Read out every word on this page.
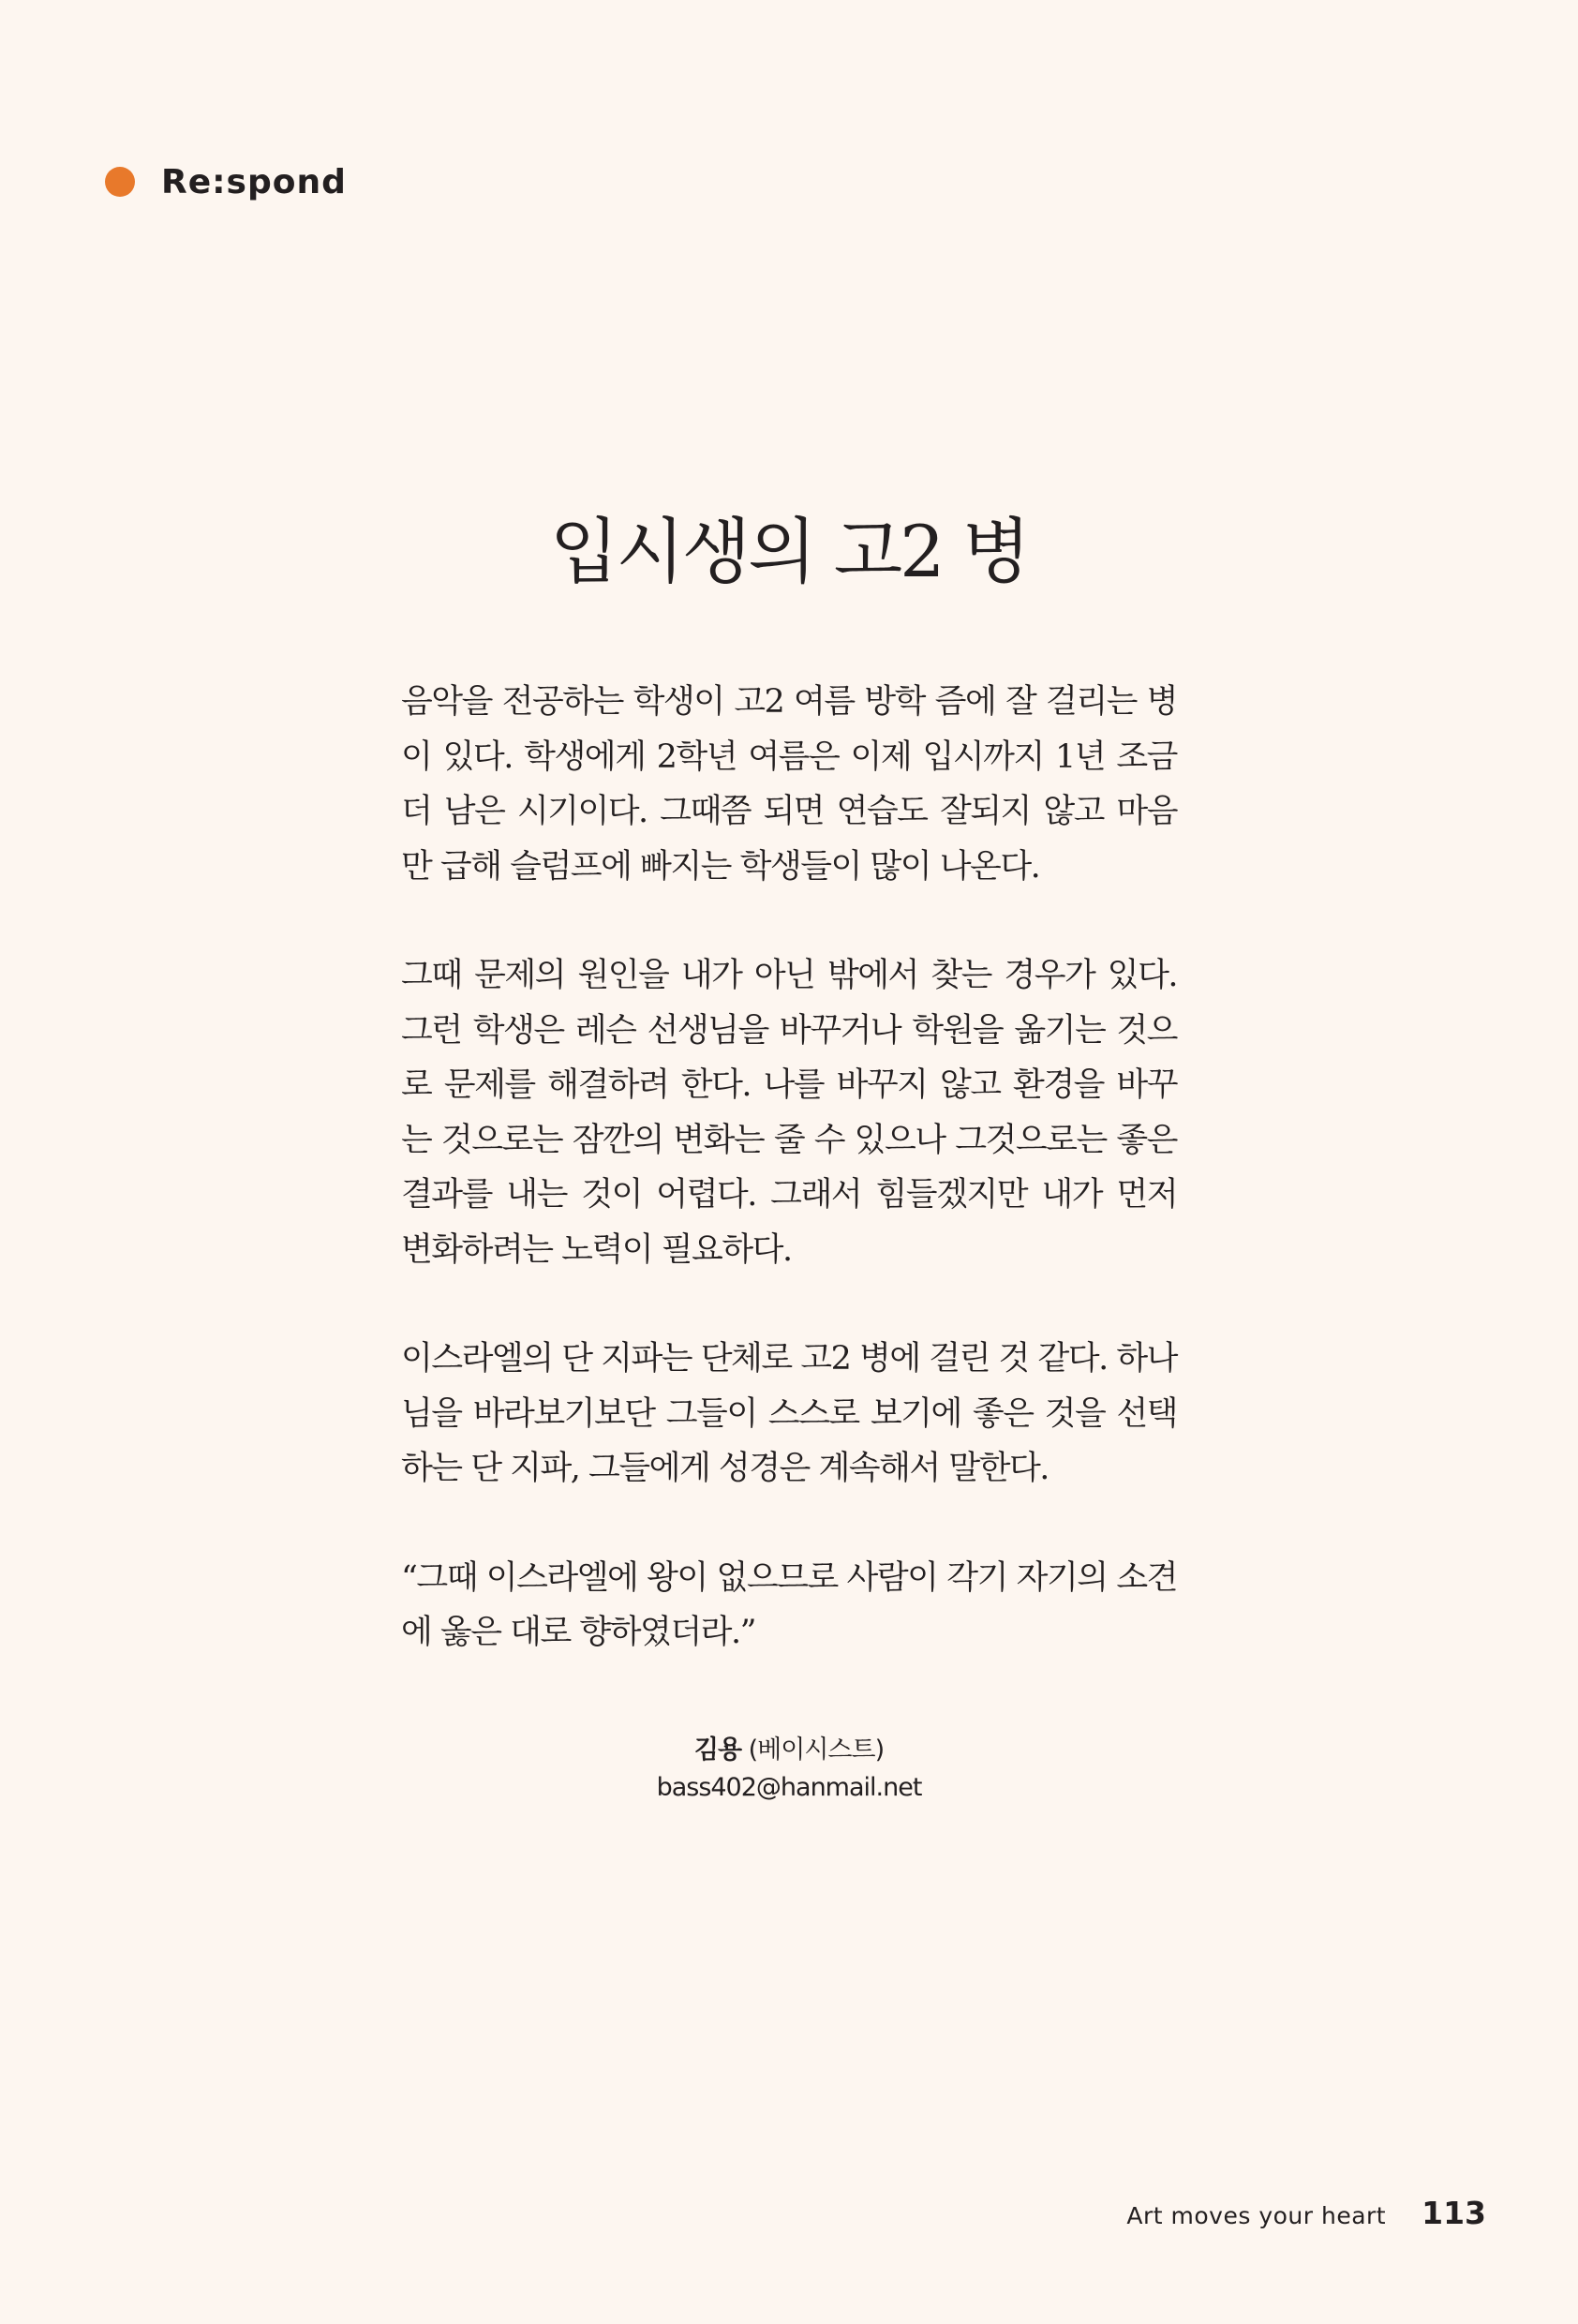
Re:spond
입시생의 고2 병

음악을 전공하는 학생이 고2 여름 방학 즘에 잘 걸리는 병이 있다. 학생에게 2학년 여름은 이제 입시까지 1년 조금 더 남은 시기이다. 그때쯤 되면 연습도 잘되지 않고 마음만 급해 슬럼프에 빠지는 학생들이 많이 나온다.

그때 문제의 원인을 내가 아닌 밖에서 찾는 경우가 있다. 그런 학생은 레슨 선생님을 바꾸거나 학원을 옮기는 것으로 문제를 해결하려 한다. 나를 바꾸지 않고 환경을 바꾸는 것으로는 잠깐의 변화는 줄 수 있으나 그것으로는 좋은 결과를 내는 것이 어렵다. 그래서 힘들겠지만 내가 먼저 변화하려는 노력이 필요하다.

이스라엘의 단 지파는 단체로 고2 병에 걸린 것 같다. 하나님을 바라보기보단 그들이 스스로 보기에 좋은 것을 선택하는 단 지파, 그들에게 성경은 계속해서 말한다.

“그때 이스라엘에 왕이 없으므로 사람이 각기 자기의 소견에 옳은 대로 향하였더라.”

김용 (베이시스트)
bass402@hanmail.net
Art moves your heart 113
